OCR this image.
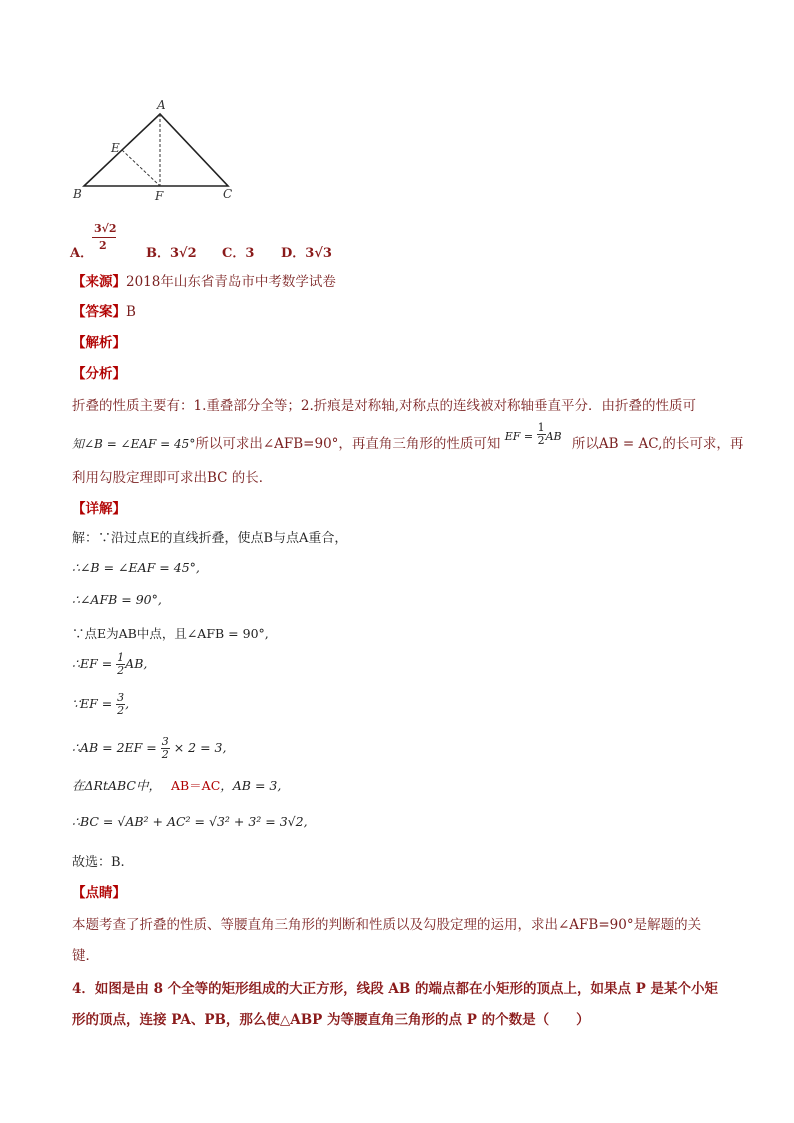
A
B	C
E
F
3√2
2
A．	B．3√2 C．3 D．3√3
【来源】2018年山东省青岛市中考数学试卷
【答案】B
【解析】
【分析】
折叠的性质主要有：1.重叠部分全等；2.折痕是对称轴,对称点的连线被对称轴垂直平分．由折叠的性质可
知∠B = ∠EAF = 45°所以可求出∠AFB=90°，再直角三角形的性质可知 $^{EF =} \frac{1}{2} ^{AB}$ 所以AB = AC,的长可求，再
利用勾股定理即可求出BC 的长．
【详解】
解：∵沿过点E的直线折叠，使点B与点A重合，
∴∠B = ∠EAF = 45°,
∴∠AFB = 90°,
∵点E为AB中点，且∠AFB = 90°,
∴EF = $\frac{1}{2}$ AB,
∵EF = $\frac{3}{2}$ ,
∴AB = $2EF = \frac{3}{2} \times 2 = 3$,
在ΔRtABC中， AB＝AC，AB = 3,
∴BC = √AB² + AC² = √3² + 3² = 3√2,
故选：B.
【点睛】
本题考查了折叠的性质、等腰直角三角形的判断和性质以及勾股定理的运用，求出∠AFB=90°是解题的关
键．
4．如图是由 8 个全等的矩形组成的大正方形，线段 AB 的端点都在小矩形的顶点上，如果点 P 是某个小矩
形的顶点，连接 PA、PB，那么使△ABP 为等腰直角三角形的点 P 的个数是（　　）
